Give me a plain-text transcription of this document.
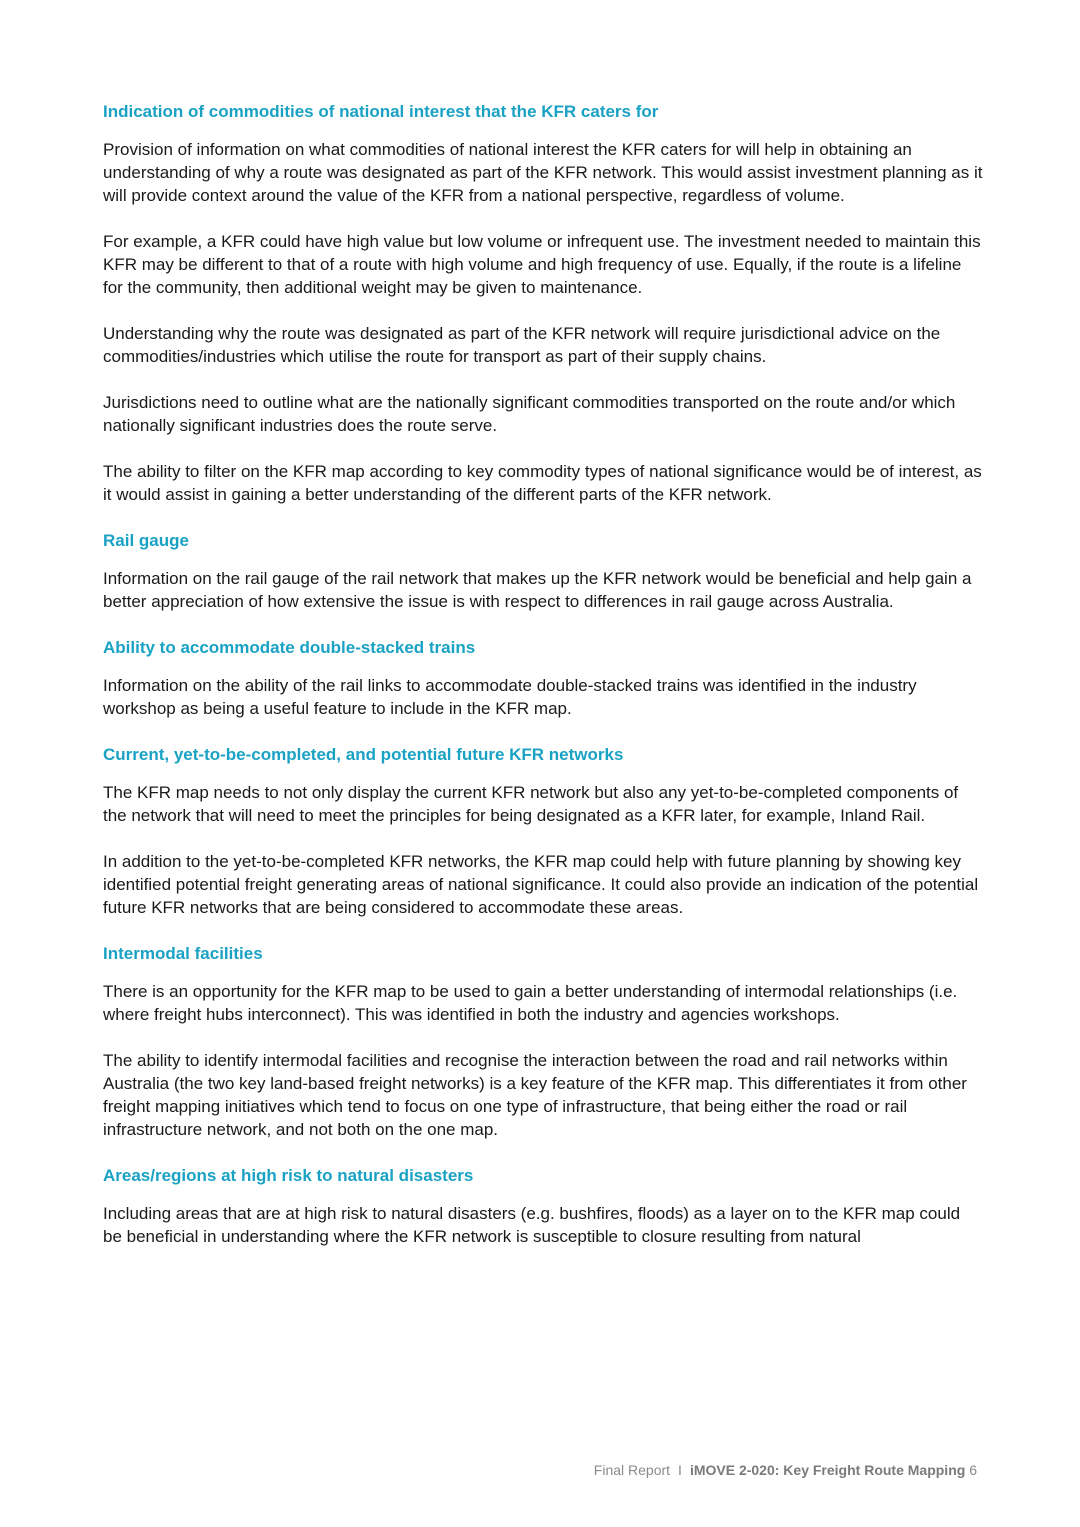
Indication of commodities of national interest that the KFR caters for

Provision of information on what commodities of national interest the KFR caters for will help in obtaining an understanding of why a route was designated as part of the KFR network. This would assist investment planning as it will provide context around the value of the KFR from a national perspective, regardless of volume.

For example, a KFR could have high value but low volume or infrequent use. The investment needed to maintain this KFR may be different to that of a route with high volume and high frequency of use. Equally, if the route is a lifeline for the community, then additional weight may be given to maintenance.

Understanding why the route was designated as part of the KFR network will require jurisdictional advice on the commodities/industries which utilise the route for transport as part of their supply chains.

Jurisdictions need to outline what are the nationally significant commodities transported on the route and/or which nationally significant industries does the route serve.

The ability to filter on the KFR map according to key commodity types of national significance would be of interest, as it would assist in gaining a better understanding of the different parts of the KFR network.

Rail gauge

Information on the rail gauge of the rail network that makes up the KFR network would be beneficial and help gain a better appreciation of how extensive the issue is with respect to differences in rail gauge across Australia.

Ability to accommodate double-stacked trains

Information on the ability of the rail links to accommodate double-stacked trains was identified in the industry workshop as being a useful feature to include in the KFR map.

Current, yet-to-be-completed, and potential future KFR networks

The KFR map needs to not only display the current KFR network but also any yet-to-be-completed components of the network that will need to meet the principles for being designated as a KFR later, for example, Inland Rail.

In addition to the yet-to-be-completed KFR networks, the KFR map could help with future planning by showing key identified potential freight generating areas of national significance. It could also provide an indication of the potential future KFR networks that are being considered to accommodate these areas.

Intermodal facilities

There is an opportunity for the KFR map to be used to gain a better understanding of intermodal relationships (i.e. where freight hubs interconnect). This was identified in both the industry and agencies workshops.

The ability to identify intermodal facilities and recognise the interaction between the road and rail networks within Australia (the two key land-based freight networks) is a key feature of the KFR map. This differentiates it from other freight mapping initiatives which tend to focus on one type of infrastructure, that being either the road or rail infrastructure network, and not both on the one map.

Areas/regions at high risk to natural disasters

Including areas that are at high risk to natural disasters (e.g. bushfires, floods) as a layer on to the KFR map could be beneficial in understanding where the KFR network is susceptible to closure resulting from natural

Final Report I iMOVE 2-020: Key Freight Route Mapping 6
